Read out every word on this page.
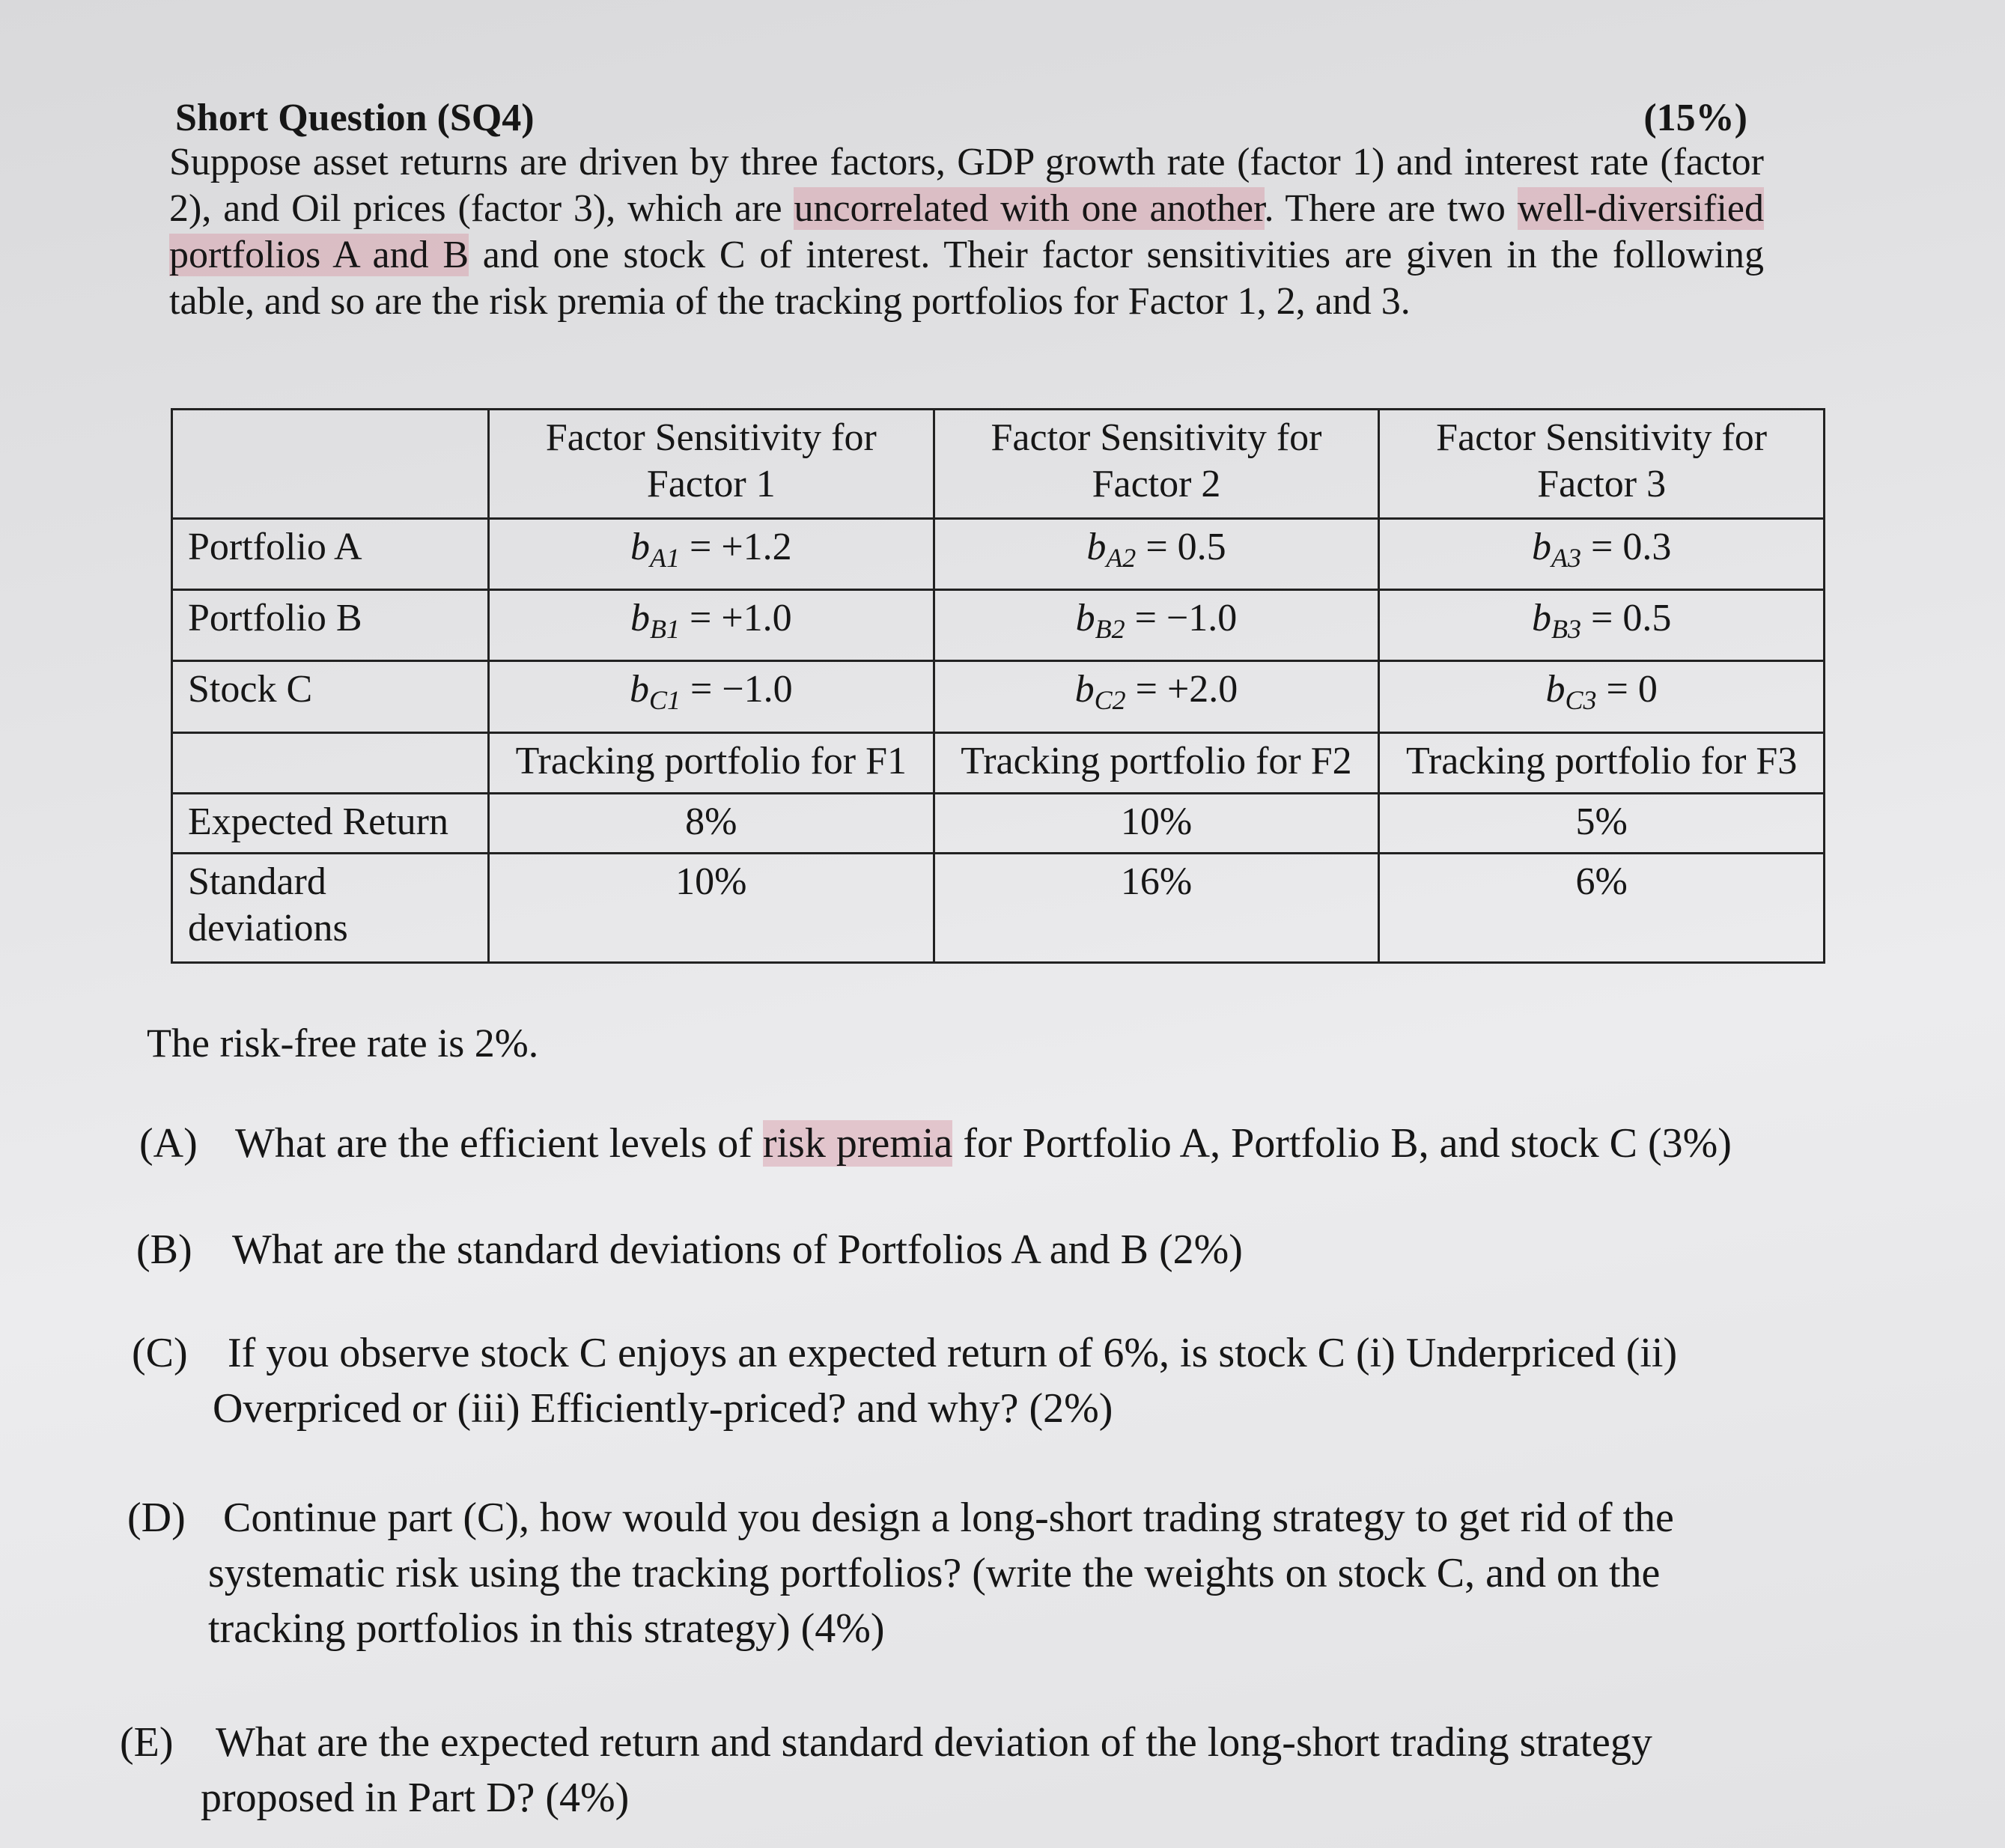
Short Question (SQ4)	(15%)
Suppose asset returns are driven by three factors, GDP growth rate (factor 1) and interest rate (factor 2), and Oil prices (factor 3), which are uncorrelated with one another. There are two well-diversified portfolios A and B and one stock C of interest. Their factor sensitivities are given in the following table, and so are the risk premia of the tracking portfolios for Factor 1, 2, and 3.
	Factor Sensitivity for Factor 1	Factor Sensitivity for Factor 2	Factor Sensitivity for Factor 3
Portfolio A	$b_{A1} = +1.2$	$b_{A2} = 0.5$	$b_{A3} = 0.3$
Portfolio B	$b_{B1} = +1.0$	$b_{B2} = -1.0$	$b_{B3} = 0.5$
Stock C	$b_{C1} = -1.0$	$b_{C2} = +2.0$	$b_{C3} = 0$
	Tracking portfolio for F1	Tracking portfolio for F2	Tracking portfolio for F3
Expected Return	8%	10%	5%
Standard deviations	10%	16%	6%
The risk-free rate is 2%.
(A) What are the efficient levels of risk premia for Portfolio A, Portfolio B, and stock C (3%)
(B) What are the standard deviations of Portfolios A and B (2%)
(C) If you observe stock C enjoys an expected return of 6%, is stock C (i) Underpriced (ii)
Overpriced or (iii) Efficiently-priced? and why? (2%)
(D) Continue part (C), how would you design a long-short trading strategy to get rid of the
systematic risk using the tracking portfolios? (write the weights on stock C, and on the
tracking portfolios in this strategy) (4%)
(E) What are the expected return and standard deviation of the long-short trading strategy
proposed in Part D? (4%)
